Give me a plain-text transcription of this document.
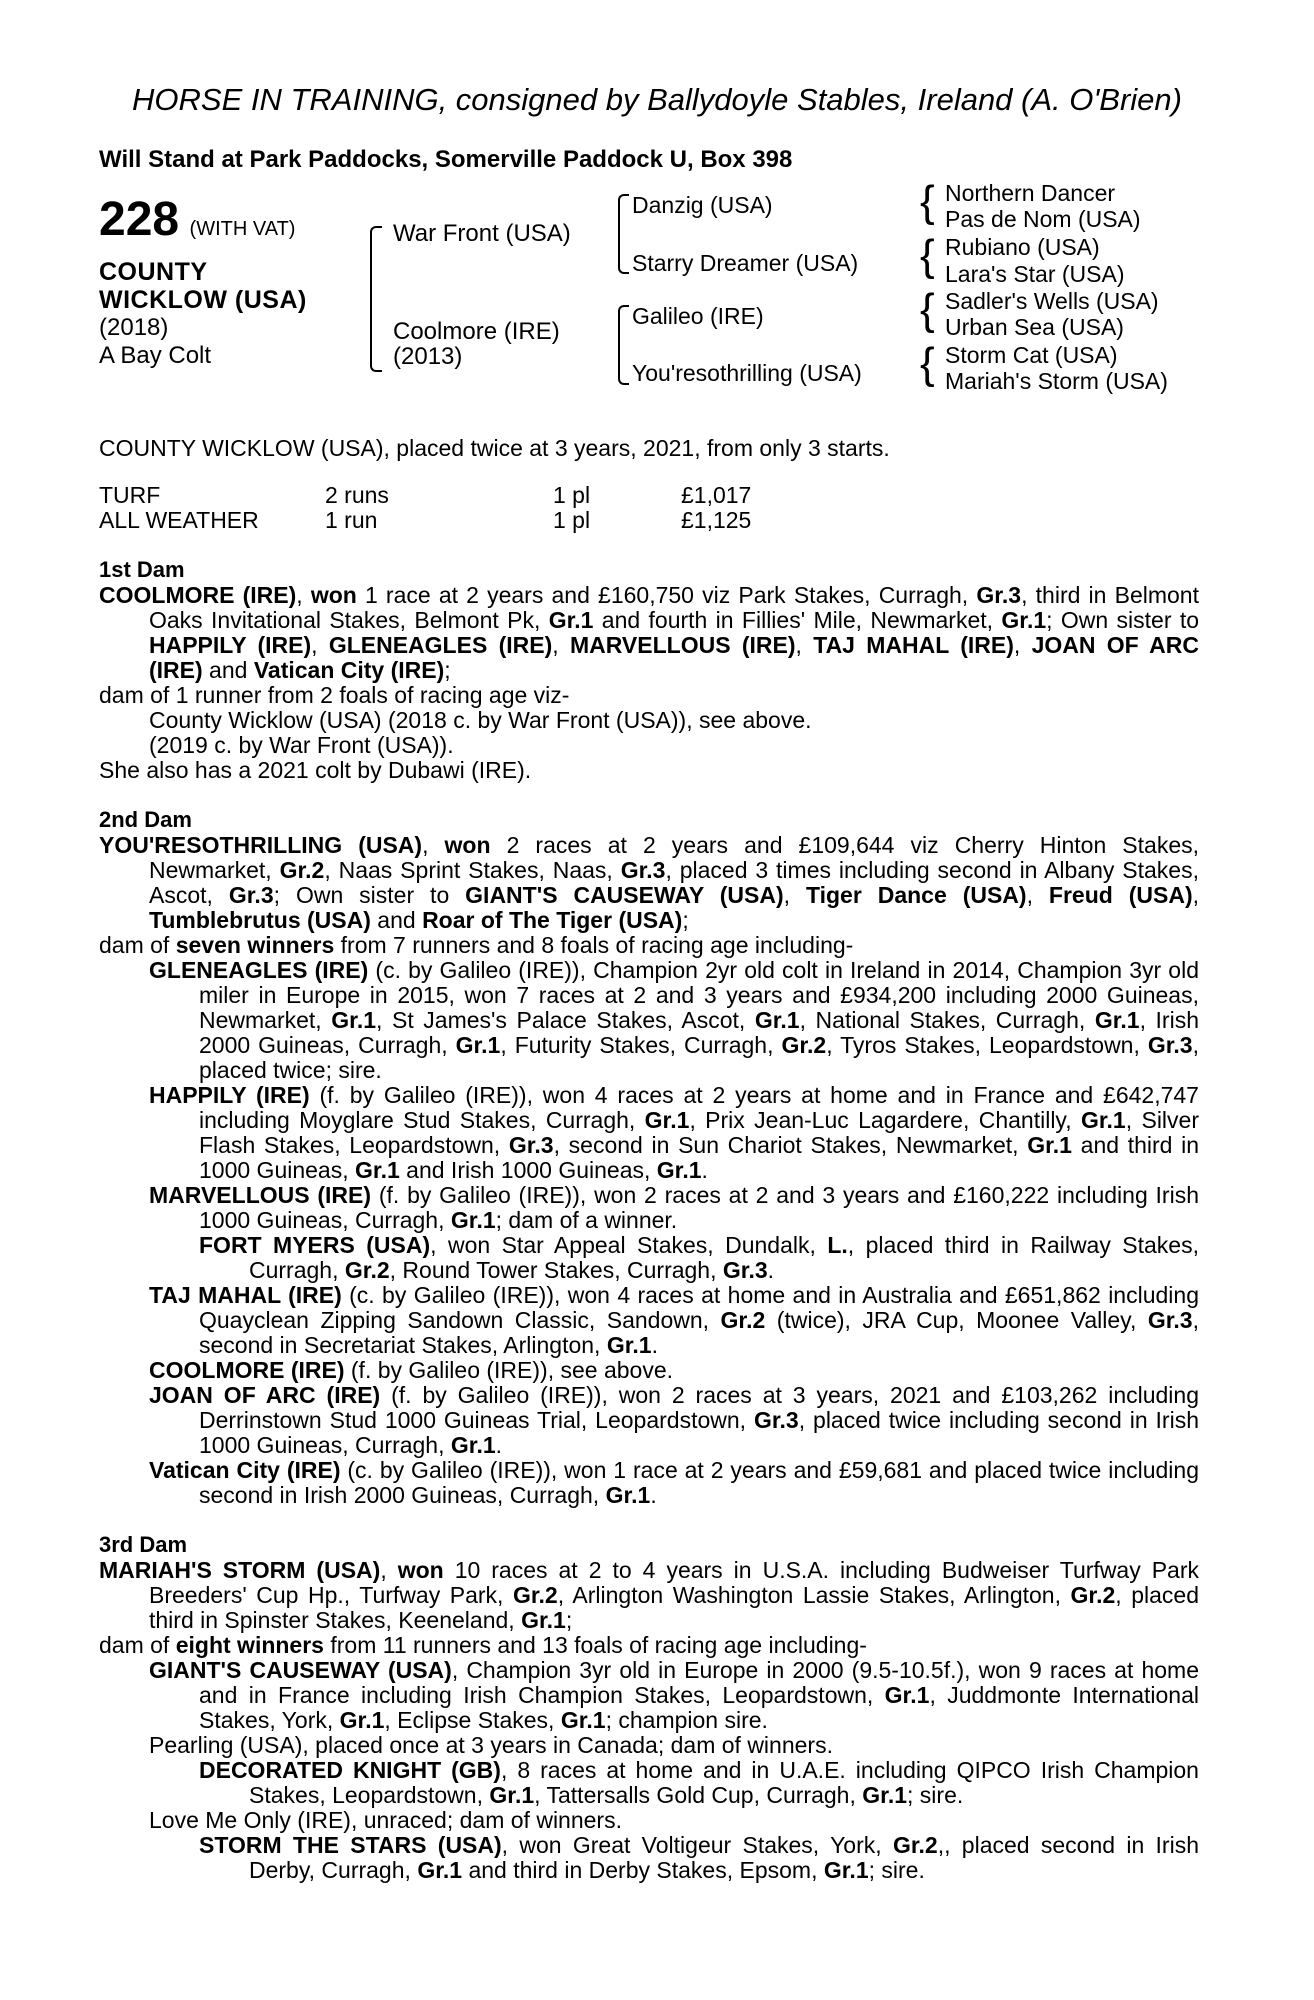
HORSE IN TRAINING, consigned by Ballydoyle Stables, Ireland (A. O'Brien)
Will Stand at Park Paddocks, Somerville Paddock U, Box 398
228 (WITH VAT)
COUNTY
WICKLOW (USA)
(2018)
A Bay Colt
War Front (USA)
Coolmore (IRE)
(2013)
Danzig (USA)
Starry Dreamer (USA)
Galileo (IRE)
You'resothrilling (USA)
{ Northern Dancer
Pas de Nom (USA)
{ Rubiano (USA)
Lara's Star (USA)
{ Sadler's Wells (USA)
Urban Sea (USA)
{ Storm Cat (USA)
Mariah's Storm (USA)

COUNTY WICKLOW (USA), placed twice at 3 years, 2021, from only 3 starts.

TURF	2 runs	1 pl	£1,017
ALL WEATHER	1 run	1 pl	£1,125
1st Dam

COOLMORE (IRE), won 1 race at 2 years and £160,750 viz Park Stakes, Curragh, Gr.3, third in Belmont Oaks Invitational Stakes, Belmont Pk, Gr.1 and fourth in Fillies' Mile, Newmarket, Gr.1; Own sister to HAPPILY (IRE), GLENEAGLES (IRE), MARVELLOUS (IRE), TAJ MAHAL (IRE), JOAN OF ARC (IRE) and Vatican City (IRE);

dam of 1 runner from 2 foals of racing age viz-

County Wicklow (USA) (2018 c. by War Front (USA)), see above.

(2019 c. by War Front (USA)).

She also has a 2021 colt by Dubawi (IRE).

2nd Dam

YOU'RESOTHRILLING (USA), won 2 races at 2 years and £109,644 viz Cherry Hinton Stakes, Newmarket, Gr.2, Naas Sprint Stakes, Naas, Gr.3, placed 3 times including second in Albany Stakes, Ascot, Gr.3; Own sister to GIANT'S CAUSEWAY (USA), Tiger Dance (USA), Freud (USA), Tumblebrutus (USA) and Roar of The Tiger (USA);

dam of seven winners from 7 runners and 8 foals of racing age including-

GLENEAGLES (IRE) (c. by Galileo (IRE)), Champion 2yr old colt in Ireland in 2014, Champion 3yr old miler in Europe in 2015, won 7 races at 2 and 3 years and £934,200 including 2000 Guineas, Newmarket, Gr.1, St James's Palace Stakes, Ascot, Gr.1, National Stakes, Curragh, Gr.1, Irish 2000 Guineas, Curragh, Gr.1, Futurity Stakes, Curragh, Gr.2, Tyros Stakes, Leopardstown, Gr.3, placed twice; sire.

HAPPILY (IRE) (f. by Galileo (IRE)), won 4 races at 2 years at home and in France and £642,747 including Moyglare Stud Stakes, Curragh, Gr.1, Prix Jean-Luc Lagardere, Chantilly, Gr.1, Silver Flash Stakes, Leopardstown, Gr.3, second in Sun Chariot Stakes, Newmarket, Gr.1 and third in 1000 Guineas, Gr.1 and Irish 1000 Guineas, Gr.1.

MARVELLOUS (IRE) (f. by Galileo (IRE)), won 2 races at 2 and 3 years and £160,222 including Irish 1000 Guineas, Curragh, Gr.1; dam of a winner.

FORT MYERS (USA), won Star Appeal Stakes, Dundalk, L., placed third in Railway Stakes, Curragh, Gr.2, Round Tower Stakes, Curragh, Gr.3.

TAJ MAHAL (IRE) (c. by Galileo (IRE)), won 4 races at home and in Australia and £651,862 including Quayclean Zipping Sandown Classic, Sandown, Gr.2 (twice), JRA Cup, Moonee Valley, Gr.3, second in Secretariat Stakes, Arlington, Gr.1.

COOLMORE (IRE) (f. by Galileo (IRE)), see above.

JOAN OF ARC (IRE) (f. by Galileo (IRE)), won 2 races at 3 years, 2021 and £103,262 including Derrinstown Stud 1000 Guineas Trial, Leopardstown, Gr.3, placed twice including second in Irish 1000 Guineas, Curragh, Gr.1.

Vatican City (IRE) (c. by Galileo (IRE)), won 1 race at 2 years and £59,681 and placed twice including second in Irish 2000 Guineas, Curragh, Gr.1.

3rd Dam

MARIAH'S STORM (USA), won 10 races at 2 to 4 years in U.S.A. including Budweiser Turfway Park Breeders' Cup Hp., Turfway Park, Gr.2, Arlington Washington Lassie Stakes, Arlington, Gr.2, placed third in Spinster Stakes, Keeneland, Gr.1;

dam of eight winners from 11 runners and 13 foals of racing age including-

GIANT'S CAUSEWAY (USA), Champion 3yr old in Europe in 2000 (9.5-10.5f.), won 9 races at home and in France including Irish Champion Stakes, Leopardstown, Gr.1, Juddmonte International Stakes, York, Gr.1, Eclipse Stakes, Gr.1; champion sire.

Pearling (USA), placed once at 3 years in Canada; dam of winners.

DECORATED KNIGHT (GB), 8 races at home and in U.A.E. including QIPCO Irish Champion Stakes, Leopardstown, Gr.1, Tattersalls Gold Cup, Curragh, Gr.1; sire.

Love Me Only (IRE), unraced; dam of winners.

STORM THE STARS (USA), won Great Voltigeur Stakes, York, Gr.2,, placed second in Irish Derby, Curragh, Gr.1 and third in Derby Stakes, Epsom, Gr.1; sire.
